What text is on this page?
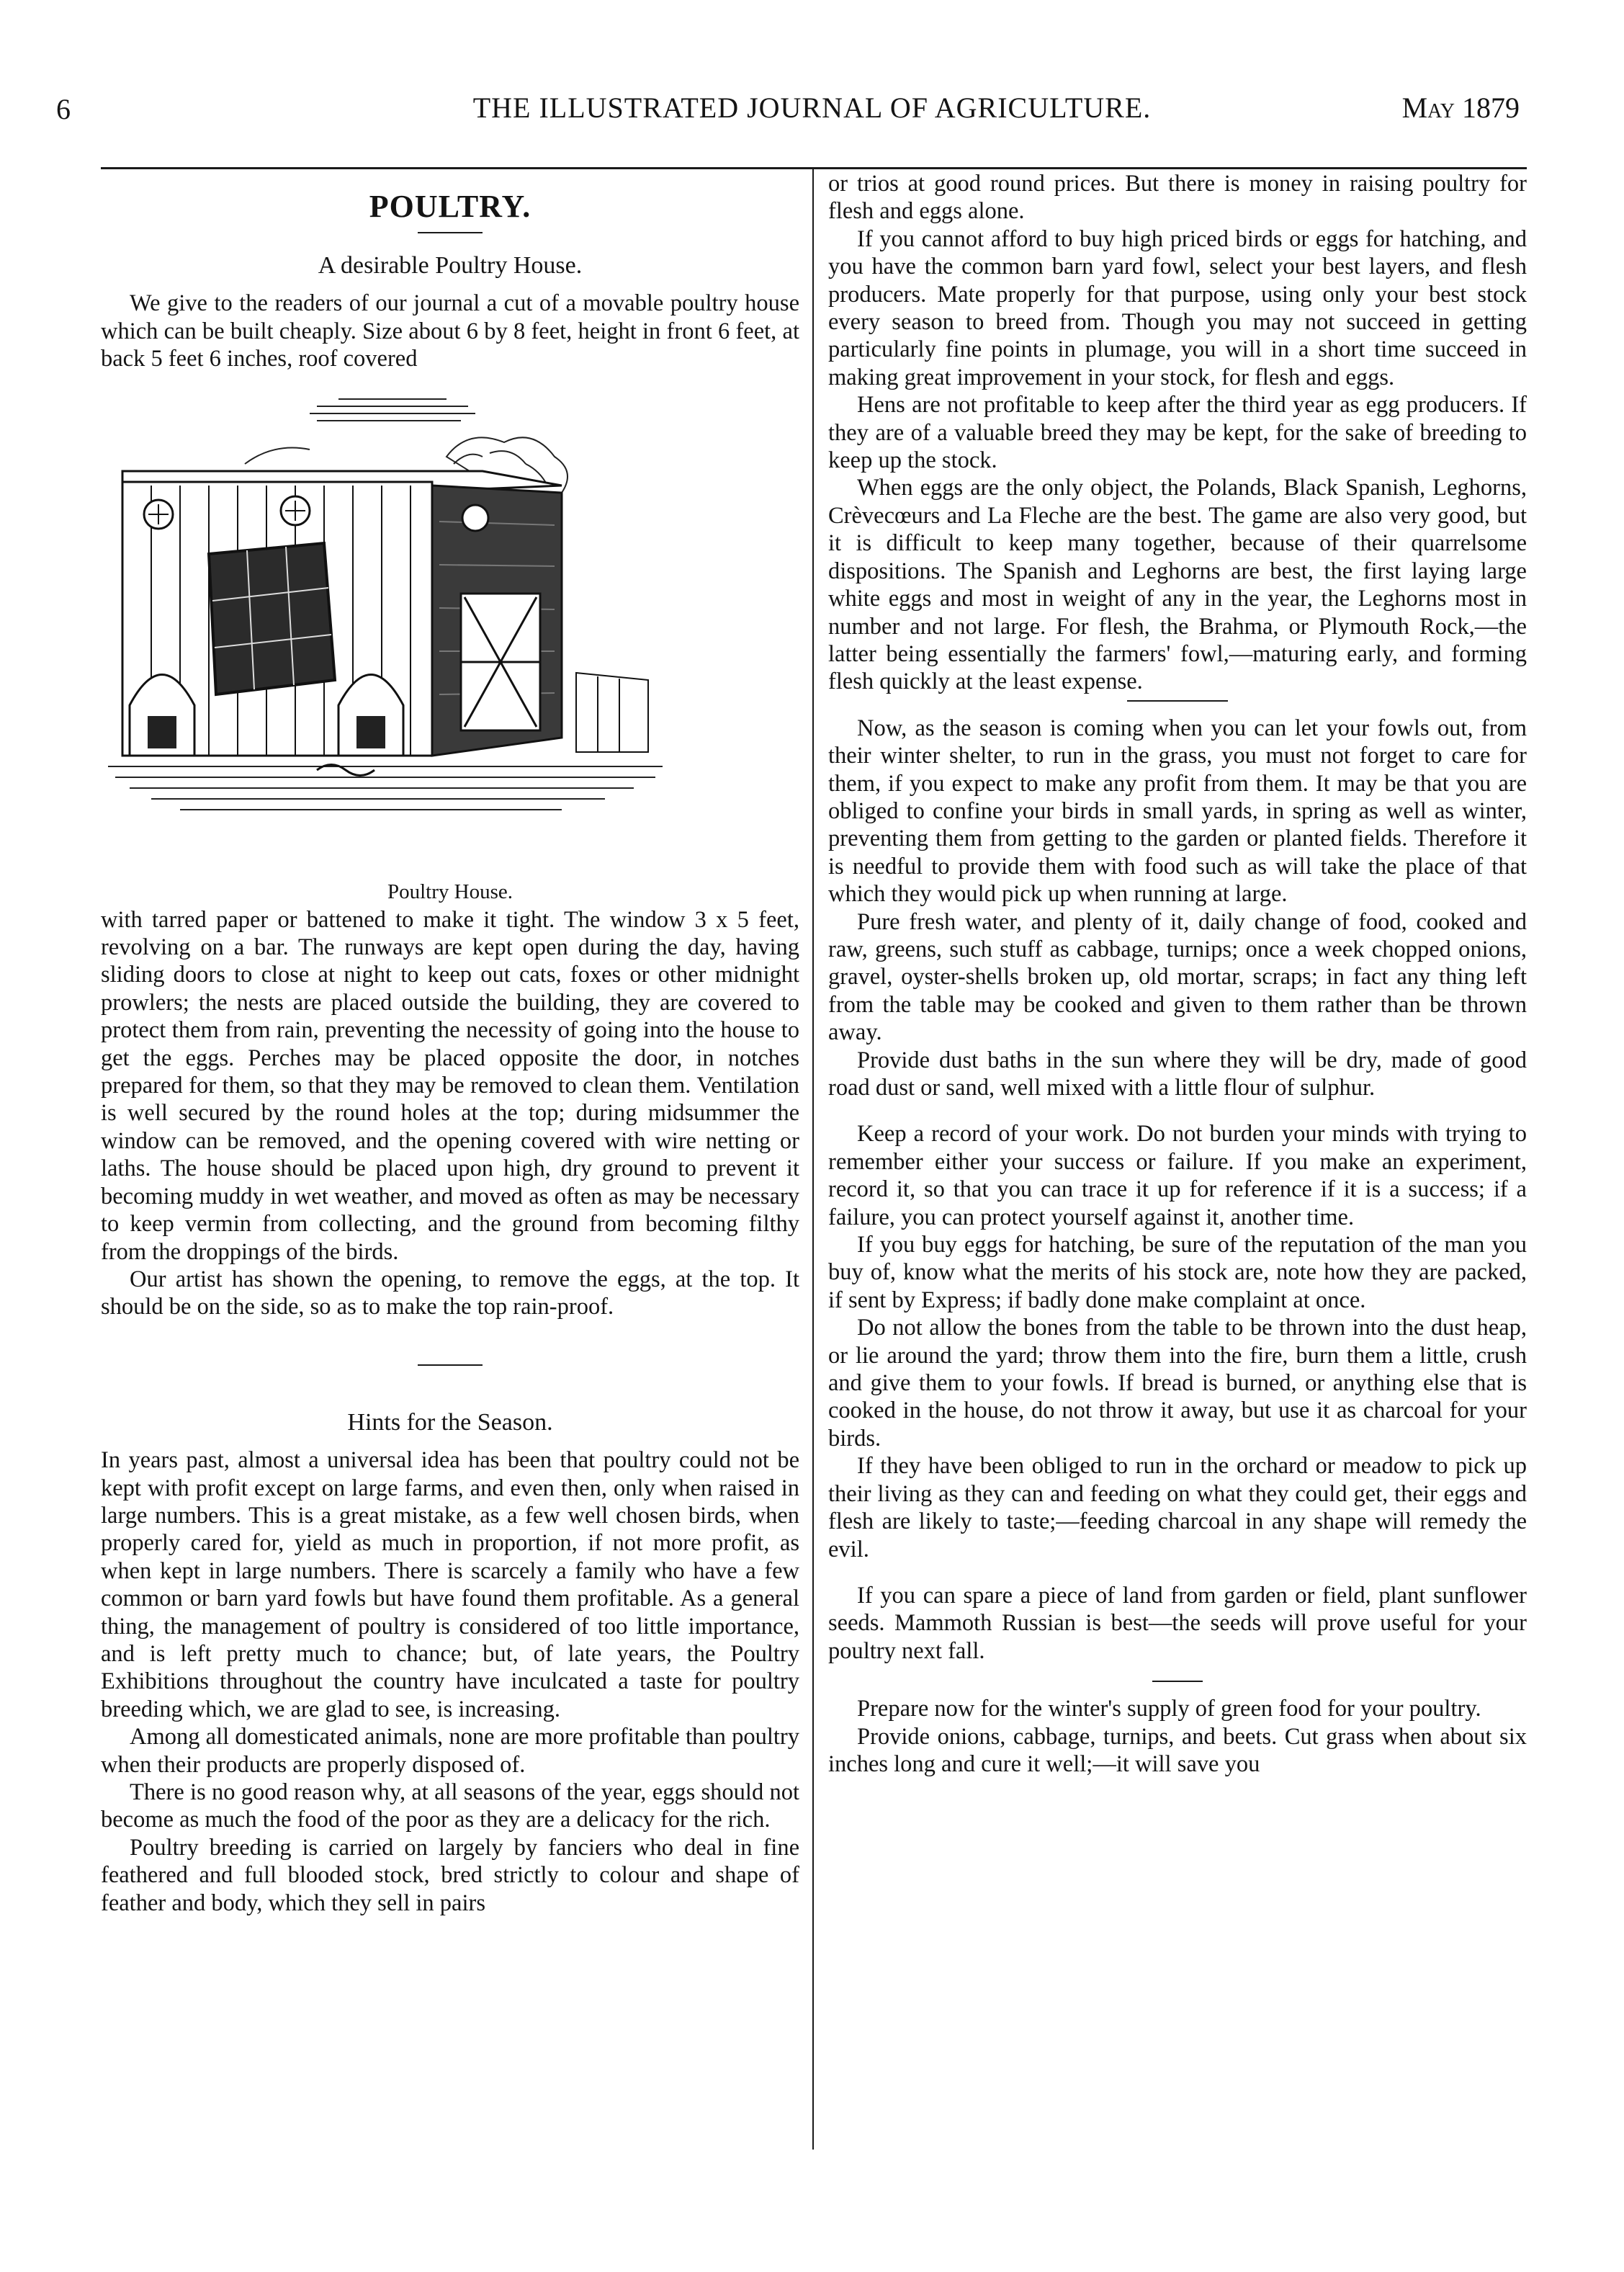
6	THE ILLUSTRATED JOURNAL OF AGRICULTURE.	May 1879
POULTRY.
A desirable Poultry House.

We give to the readers of our journal a cut of a movable poultry house which can be built cheaply. Size about 6 by 8 feet, height in front 6 feet, at back 5 feet 6 inches, roof covered

Poultry House.

with tarred paper or battened to make it tight. The window 3 x 5 feet, revolving on a bar. The runways are kept open during the day, having sliding doors to close at night to keep out cats, foxes or other midnight prowlers; the nests are placed outside the building, they are covered to protect them from rain, preventing the necessity of going into the house to get the eggs. Perches may be placed opposite the door, in notches prepared for them, so that they may be removed to clean them. Ventilation is well secured by the round holes at the top; during midsummer the window can be removed, and the opening covered with wire netting or laths. The house should be placed upon high, dry ground to prevent it becoming muddy in wet weather, and moved as often as may be necessary to keep vermin from collecting, and the ground from becoming filthy from the droppings of the birds.

Our artist has shown the opening, to remove the eggs, at the top. It should be on the side, so as to make the top rain-proof.

Hints for the Season.

In years past, almost a universal idea has been that poultry could not be kept with profit except on large farms, and even then, only when raised in large numbers. This is a great mistake, as a few well chosen birds, when properly cared for, yield as much in proportion, if not more profit, as when kept in large numbers. There is scarcely a family who have a few common or barn yard fowls but have found them profitable. As a general thing, the management of poultry is considered of too little importance, and is left pretty much to chance; but, of late years, the Poultry Exhibitions throughout the country have inculcated a taste for poultry breeding which, we are glad to see, is increasing.

Among all domesticated animals, none are more profitable than poultry when their products are properly disposed of.

There is no good reason why, at all seasons of the year, eggs should not become as much the food of the poor as they are a delicacy for the rich.

Poultry breeding is carried on largely by fanciers who deal in fine feathered and full blooded stock, bred strictly to colour and shape of feather and body, which they sell in pairs

or trios at good round prices. But there is money in raising poultry for flesh and eggs alone.

If you cannot afford to buy high priced birds or eggs for hatching, and you have the common barn yard fowl, select your best layers, and flesh producers. Mate properly for that purpose, using only your best stock every season to breed from. Though you may not succeed in getting particularly fine points in plumage, you will in a short time succeed in making great improvement in your stock, for flesh and eggs.

Hens are not profitable to keep after the third year as egg producers. If they are of a valuable breed they may be kept, for the sake of breeding to keep up the stock.

When eggs are the only object, the Polands, Black Spanish, Leghorns, Crèvecœurs and La Fleche are the best. The game are also very good, but it is difficult to keep many together, because of their quarrelsome dispositions. The Spanish and Leghorns are best, the first laying large white eggs and most in weight of any in the year, the Leghorns most in number and not large. For flesh, the Brahma, or Plymouth Rock,—the latter being essentially the farmers' fowl,—maturing early, and forming flesh quickly at the least expense.

Now, as the season is coming when you can let your fowls out, from their winter shelter, to run in the grass, you must not forget to care for them, if you expect to make any profit from them. It may be that you are obliged to confine your birds in small yards, in spring as well as winter, preventing them from getting to the garden or planted fields. Therefore it is needful to provide them with food such as will take the place of that which they would pick up when running at large.

Pure fresh water, and plenty of it, daily change of food, cooked and raw, greens, such stuff as cabbage, turnips; once a week chopped onions, gravel, oyster-shells broken up, old mortar, scraps; in fact any thing left from the table may be cooked and given to them rather than be thrown away.

Provide dust baths in the sun where they will be dry, made of good road dust or sand, well mixed with a little flour of sulphur.

Keep a record of your work. Do not burden your minds with trying to remember either your success or failure. If you make an experiment, record it, so that you can trace it up for reference if it is a success; if a failure, you can protect yourself against it, another time.

If you buy eggs for hatching, be sure of the reputation of the man you buy of, know what the merits of his stock are, note how they are packed, if sent by Express; if badly done make complaint at once.

Do not allow the bones from the table to be thrown into the dust heap, or lie around the yard; throw them into the fire, burn them a little, crush and give them to your fowls. If bread is burned, or anything else that is cooked in the house, do not throw it away, but use it as charcoal for your birds.

If they have been obliged to run in the orchard or meadow to pick up their living as they can and feeding on what they could get, their eggs and flesh are likely to taste;—feeding charcoal in any shape will remedy the evil.

If you can spare a piece of land from garden or field, plant sunflower seeds. Mammoth Russian is best—the seeds will prove useful for your poultry next fall.

Prepare now for the winter's supply of green food for your poultry.

Provide onions, cabbage, turnips, and beets. Cut grass when about six inches long and cure it well;—it will save you
